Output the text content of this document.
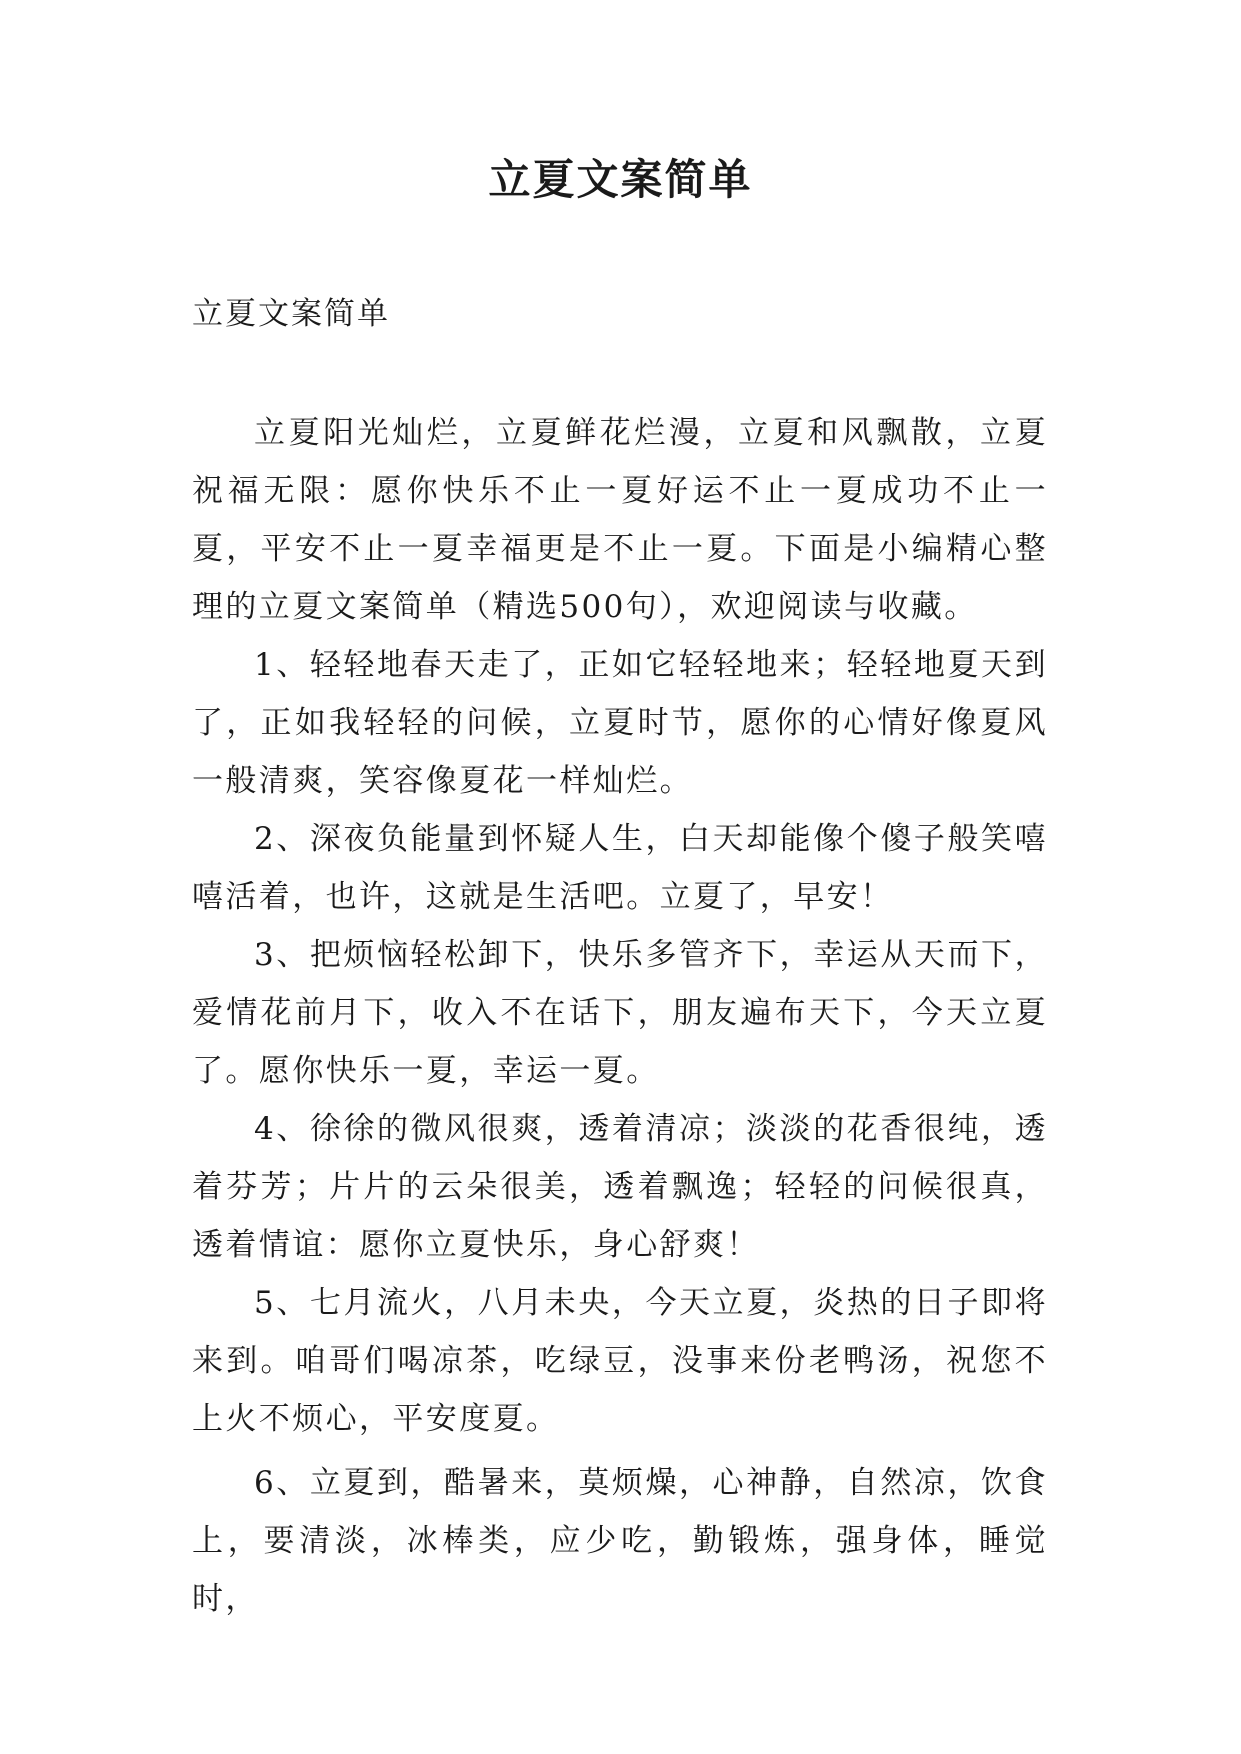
立夏文案简单

立夏文案简单

立夏阳光灿烂，立夏鲜花烂漫，立夏和风飘散，立夏祝福无限：愿你快乐不止一夏好运不止一夏成功不止一夏，平安不止一夏幸福更是不止一夏。下面是小编精心整理的立夏文案简单（精选500句），欢迎阅读与收藏。

1、轻轻地春天走了，正如它轻轻地来；轻轻地夏天到了，正如我轻轻的问候，立夏时节，愿你的心情好像夏风一般清爽，笑容像夏花一样灿烂。

2、深夜负能量到怀疑人生，白天却能像个傻子般笑嘻嘻活着，也许，这就是生活吧。立夏了，早安！

3、把烦恼轻松卸下，快乐多管齐下，幸运从天而下，爱情花前月下，收入不在话下，朋友遍布天下，今天立夏了。愿你快乐一夏，幸运一夏。

4、徐徐的微风很爽，透着清凉；淡淡的花香很纯，透着芬芳；片片的云朵很美，透着飘逸；轻轻的问候很真，透着情谊：愿你立夏快乐，身心舒爽！

5、七月流火，八月未央，今天立夏，炎热的日子即将来到。咱哥们喝凉茶，吃绿豆，没事来份老鸭汤，祝您不上火不烦心，平安度夏。

6、立夏到，酷暑来，莫烦燥，心神静，自然凉，饮食上，要清淡，冰棒类，应少吃，勤锻炼，强身体，睡觉时，
